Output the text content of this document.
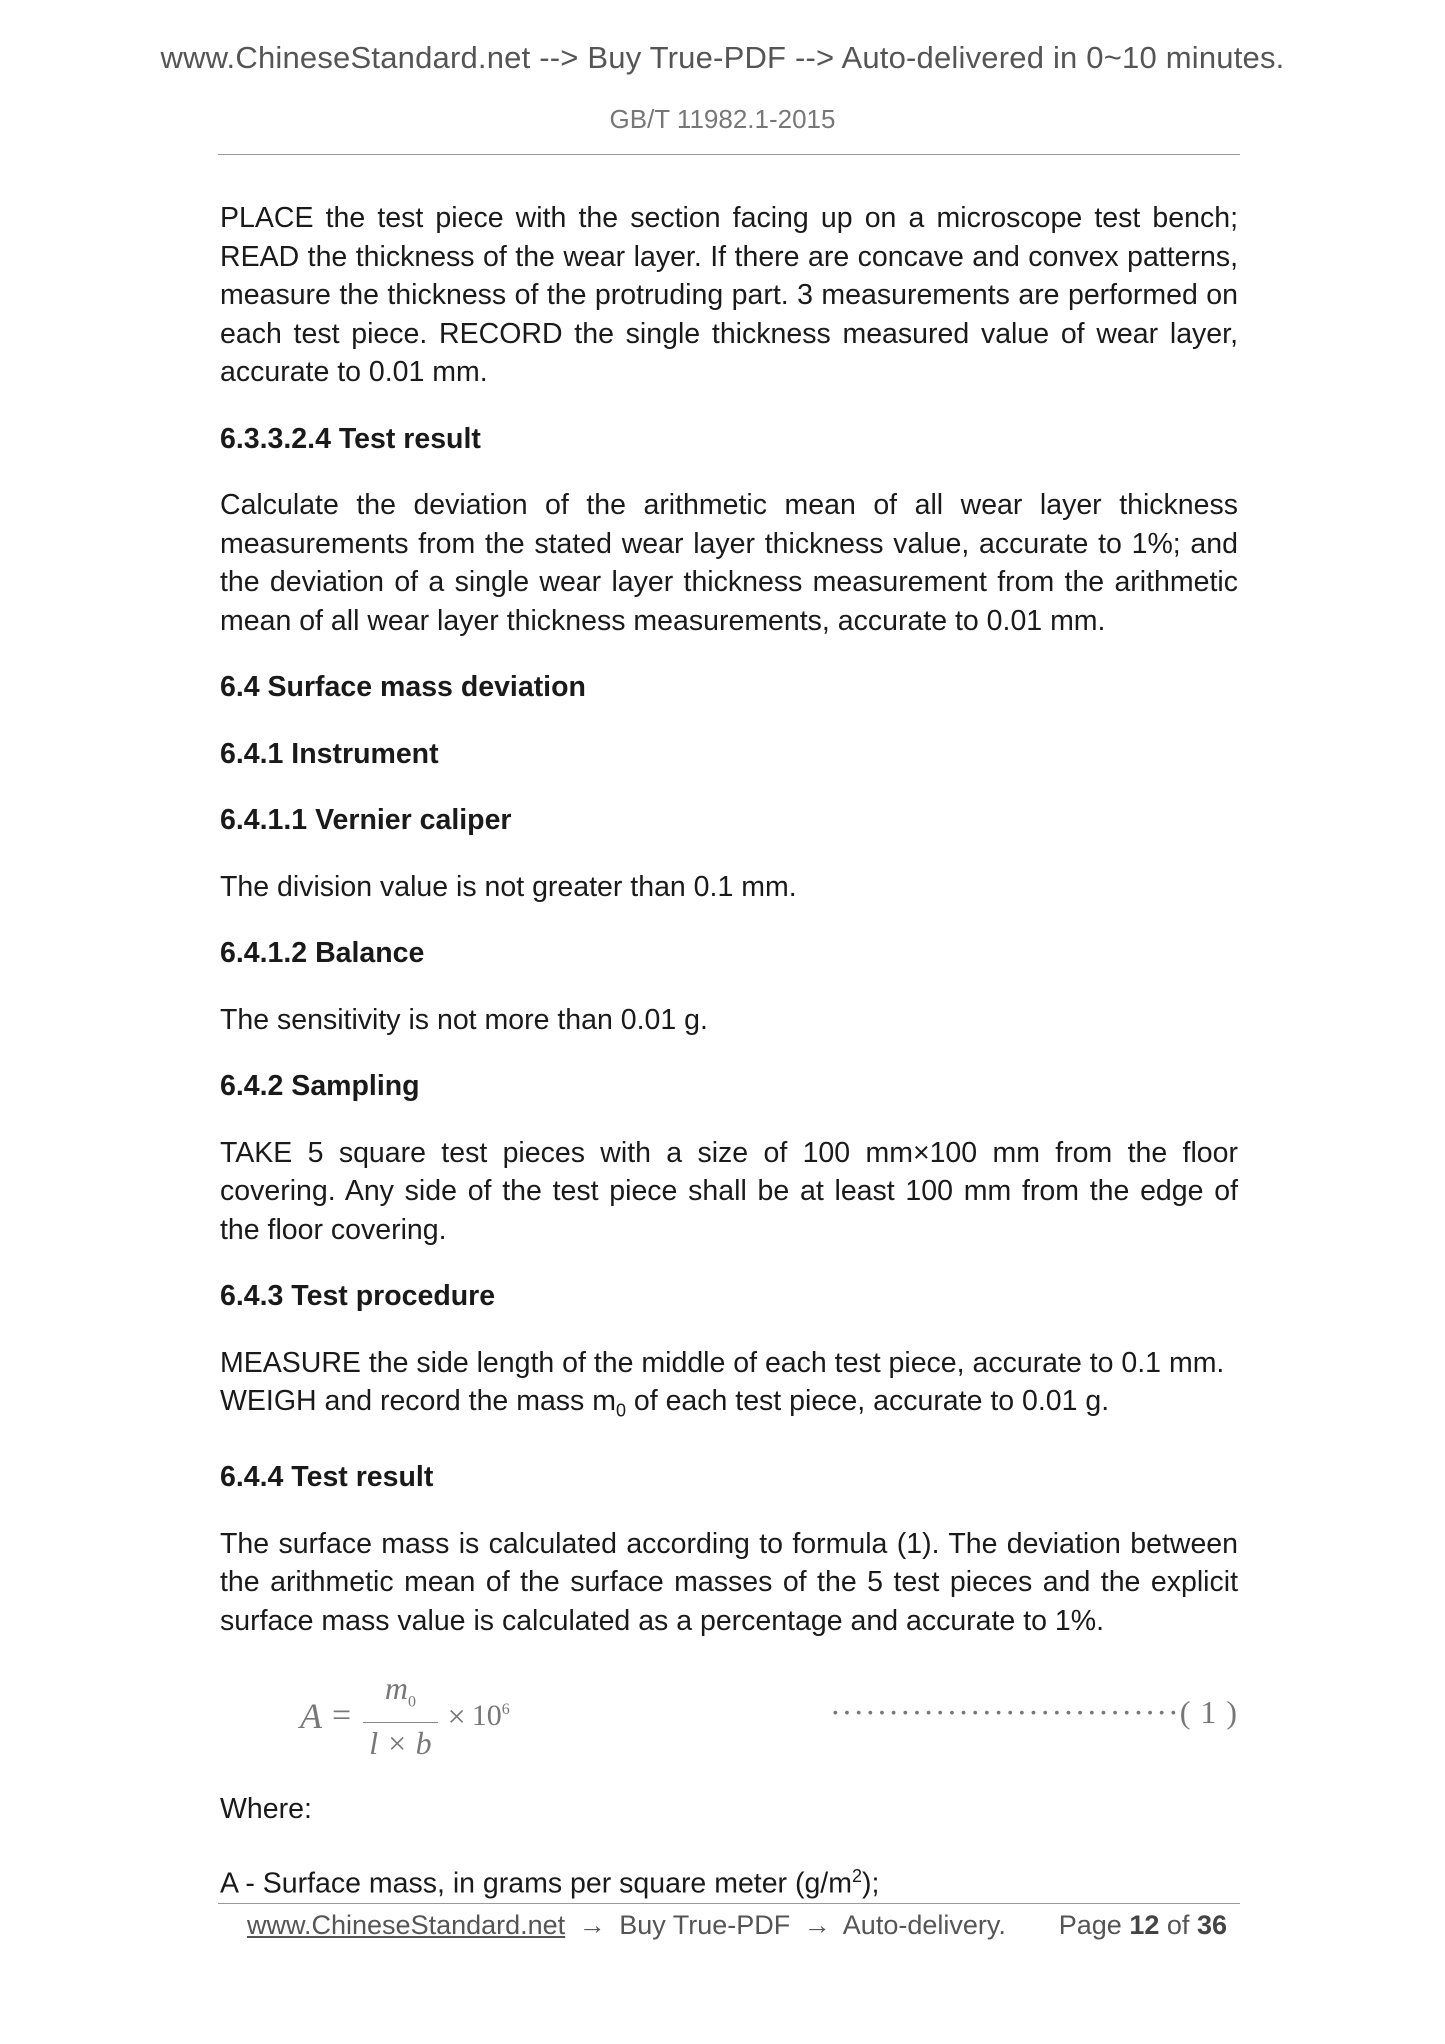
www.ChineseStandard.net --> Buy True-PDF --> Auto-delivered in 0~10 minutes.
GB/T 11982.1-2015

PLACE the test piece with the section facing up on a microscope test bench; READ the thickness of the wear layer. If there are concave and convex patterns, measure the thickness of the protruding part. 3 measurements are performed on each test piece. RECORD the single thickness measured value of wear layer, accurate to 0.01 mm.

6.3.3.2.4 Test result

Calculate the deviation of the arithmetic mean of all wear layer thickness measurements from the stated wear layer thickness value, accurate to 1%; and the deviation of a single wear layer thickness measurement from the arithmetic mean of all wear layer thickness measurements, accurate to 0.01 mm.

6.4 Surface mass deviation
6.4.1 Instrument
6.4.1.1 Vernier caliper

The division value is not greater than 0.1 mm.

6.4.1.2 Balance

The sensitivity is not more than 0.01 g.

6.4.2 Sampling

TAKE 5 square test pieces with a size of 100 mm×100 mm from the floor covering. Any side of the test piece shall be at least 100 mm from the edge of the floor covering.

6.4.3 Test procedure

MEASURE the side length of the middle of each test piece, accurate to 0.1 mm.
WEIGH and record the mass $m_0$ of each test piece, accurate to 0.01 g.

6.4.4 Test result

The surface mass is calculated according to formula (1). The deviation between the arithmetic mean of the surface masses of the 5 test pieces and the explicit surface mass value is calculated as a percentage and accurate to 1%.

$A = \frac{m_0}{l \times b} \times 10^6$	······························( 1 )

Where:

A - Surface mass, in grams per square meter $(g/m^2)$;

www.ChineseStandard.net → Buy True-PDF → Auto-delivery. Page 12 of 36
